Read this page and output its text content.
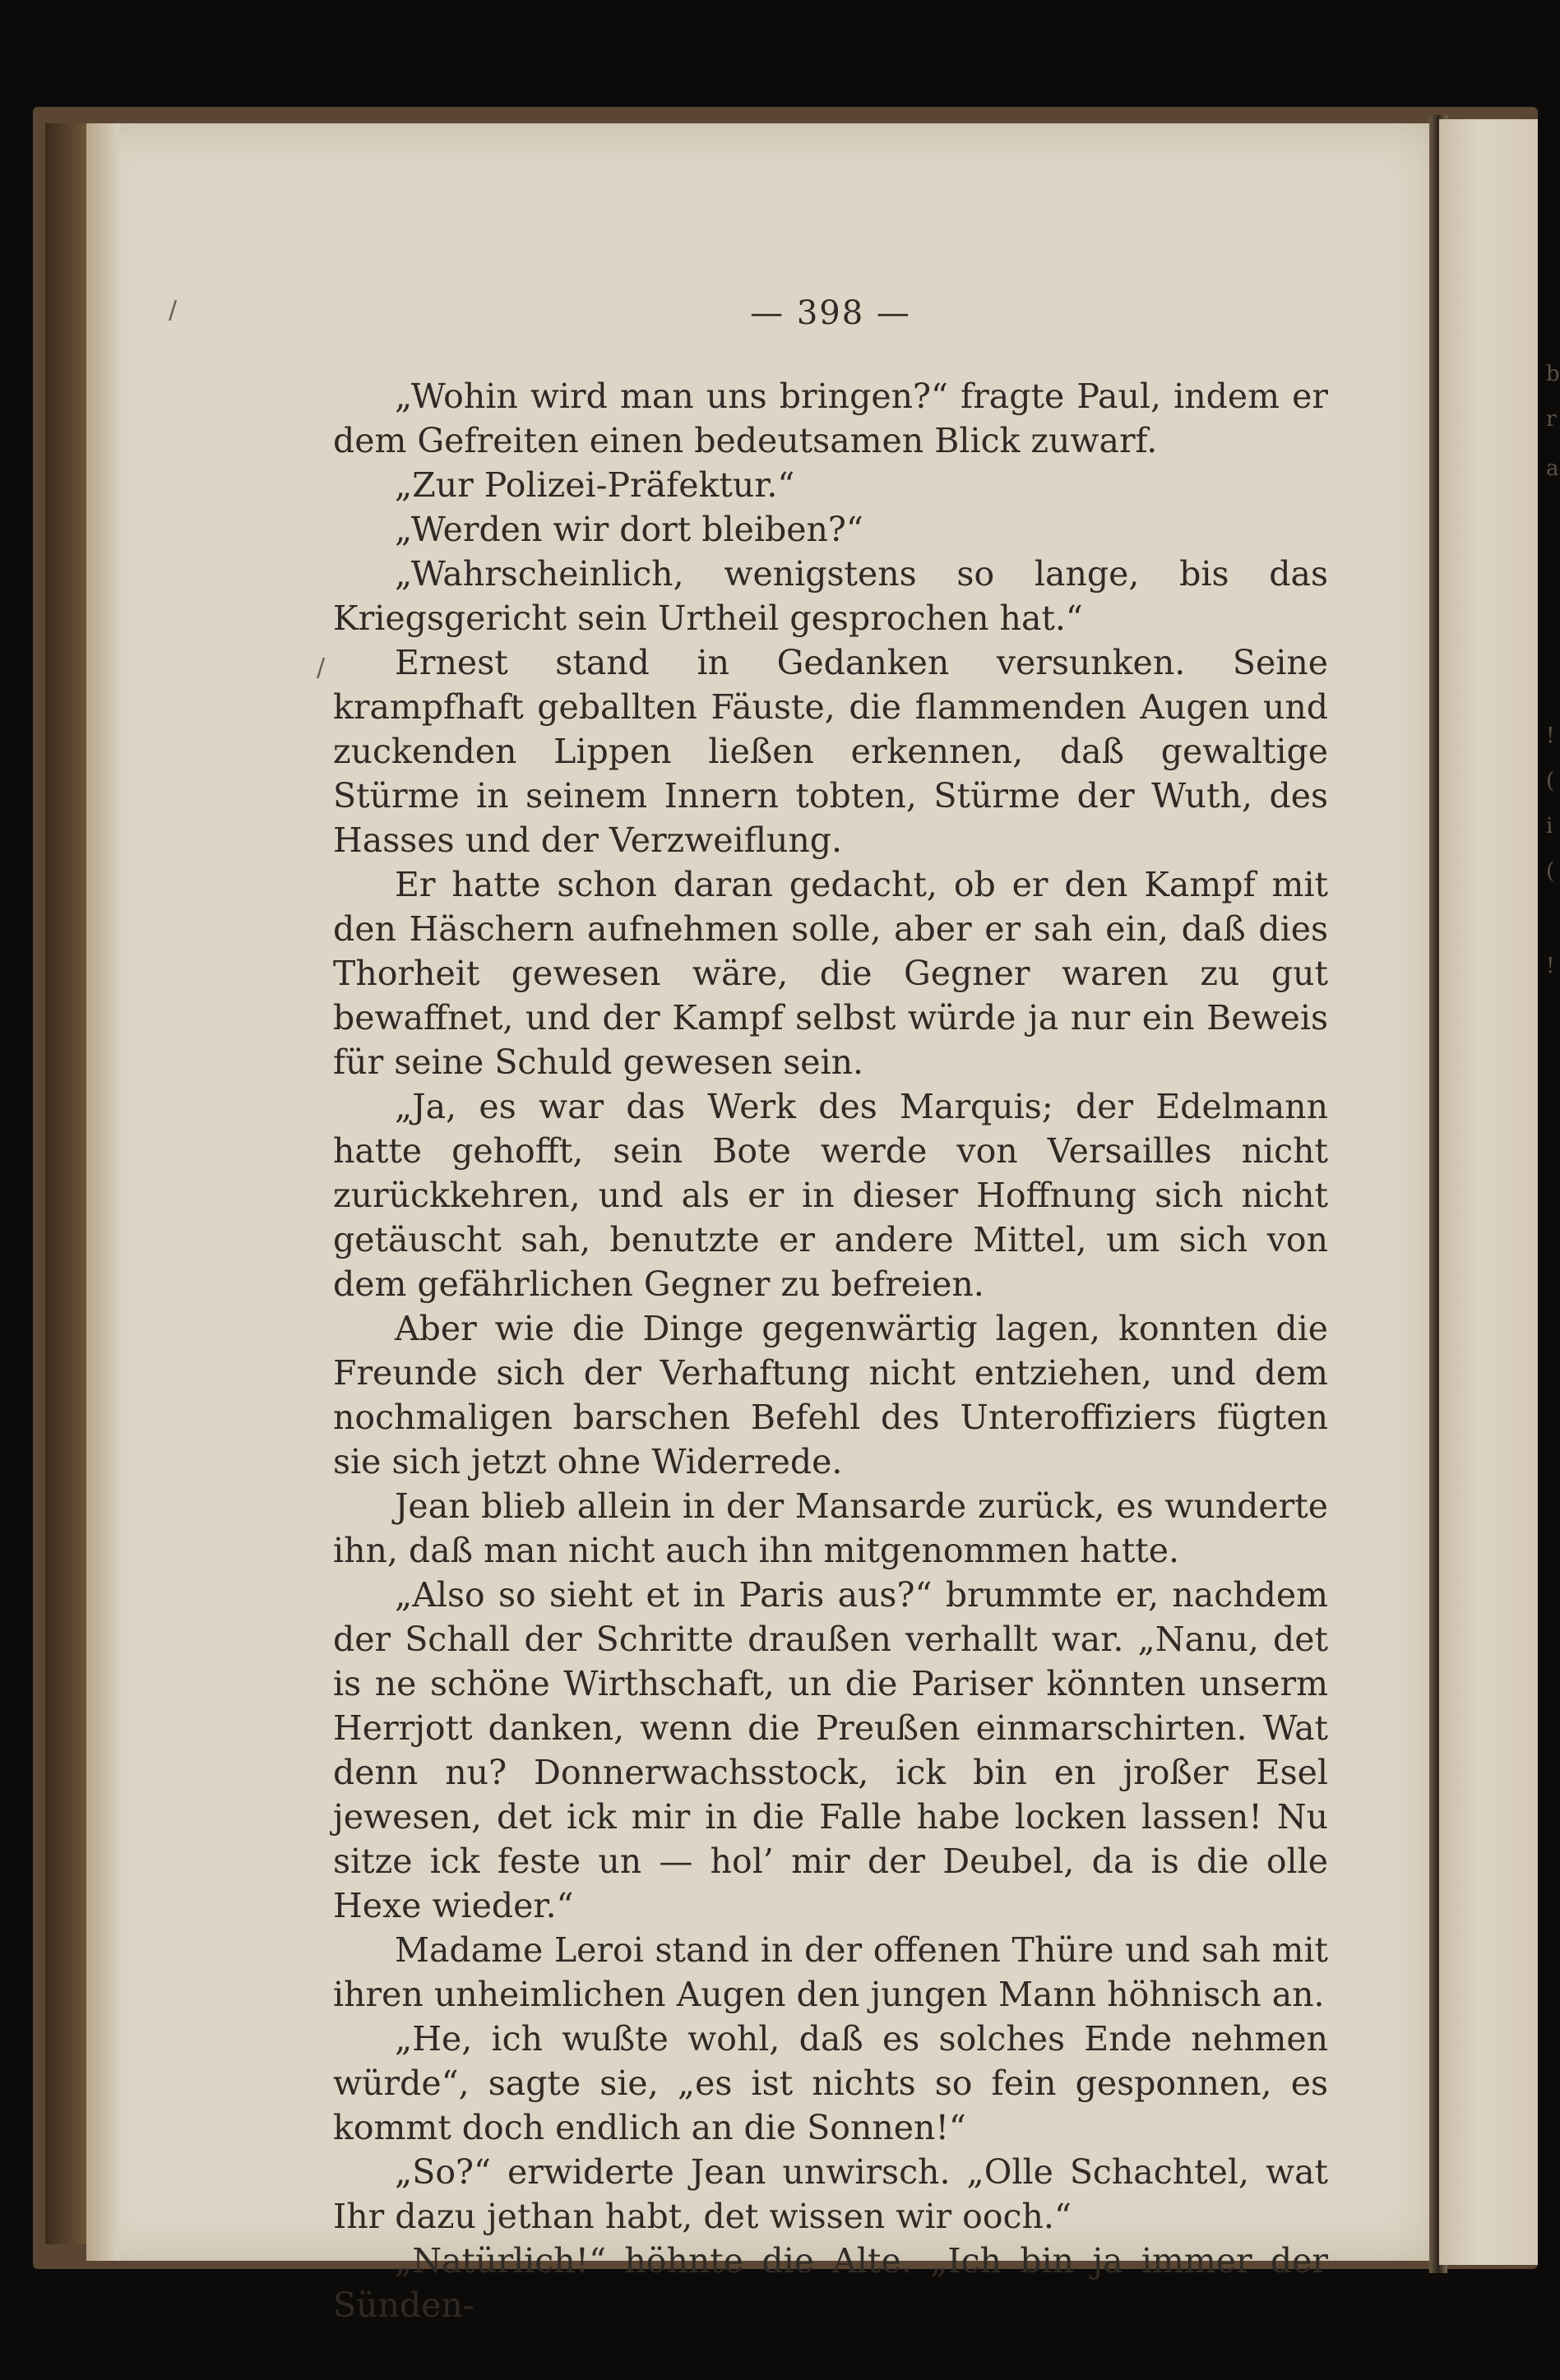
b
r
a
!
(
i
(
!
/
/
— 398 —

„Wohin wird man uns bringen?“ fragte Paul, indem er dem Gefreiten einen bedeutsamen Blick zuwarf.

„Zur Polizei-Präfektur.“

„Werden wir dort bleiben?“

„Wahrscheinlich, wenigstens so lange, bis das Kriegsgericht sein Urtheil gesprochen hat.“

Ernest stand in Gedanken versunken. Seine krampfhaft geballten Fäuste, die flammenden Augen und zuckenden Lippen ließen erkennen, daß gewaltige Stürme in seinem Innern tobten, Stürme der Wuth, des Hasses und der Verzweiflung.

Er hatte schon daran gedacht, ob er den Kampf mit den Häschern aufnehmen solle, aber er sah ein, daß dies Thorheit gewesen wäre, die Gegner waren zu gut bewaffnet, und der Kampf selbst würde ja nur ein Beweis für seine Schuld gewesen sein.

„Ja, es war das Werk des Marquis; der Edelmann hatte gehofft, sein Bote werde von Versailles nicht zurückkehren, und als er in dieser Hoffnung sich nicht getäuscht sah, benutzte er andere Mittel, um sich von dem gefährlichen Gegner zu befreien.

Aber wie die Dinge gegenwärtig lagen, konnten die Freunde sich der Verhaftung nicht entziehen, und dem nochmaligen barschen Befehl des Unteroffiziers fügten sie sich jetzt ohne Widerrede.

Jean blieb allein in der Mansarde zurück, es wunderte ihn, daß man nicht auch ihn mitgenommen hatte.

„Also so sieht et in Paris aus?“ brummte er, nachdem der Schall der Schritte draußen verhallt war. „Nanu, det is ne schöne Wirthschaft, un die Pariser könnten unserm Herrjott danken, wenn die Preußen einmarschirten. Wat denn nu? Donnerwachsstock, ick bin en jroßer Esel jewesen, det ick mir in die Falle habe locken lassen! Nu sitze ick feste un — hol’ mir der Deubel, da is die olle Hexe wieder.“

Madame Leroi stand in der offenen Thüre und sah mit ihren unheimlichen Augen den jungen Mann höhnisch an.

„He, ich wußte wohl, daß es solches Ende nehmen würde“, sagte sie, „es ist nichts so fein gesponnen, es kommt doch endlich an die Sonnen!“

„So?“ erwiderte Jean unwirsch. „Olle Schachtel, wat Ihr dazu jethan habt, det wissen wir ooch.“

„Natürlich!“ höhnte die Alte. „Ich bin ja immer der Sünden-
